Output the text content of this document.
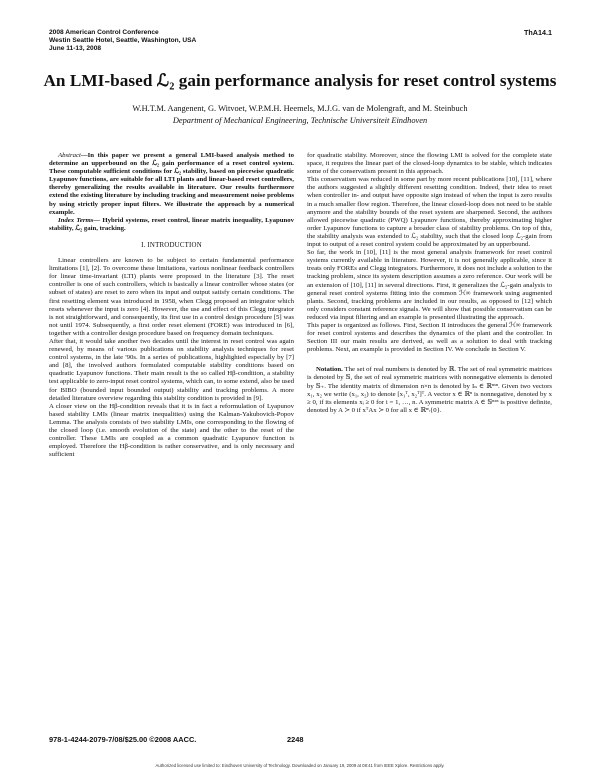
2008 American Control Conference
Westin Seattle Hotel, Seattle, Washington, USA
June 11-13, 2008
ThA14.1
An LMI-based ℒ₂ gain performance analysis for reset control systems
W.H.T.M. Aangenent, G. Witvoet, W.P.M.H. Heemels, M.J.G. van de Molengraft, and M. Steinbuch
Department of Mechanical Engineering, Technische Universiteit Eindhoven

Abstract—In this paper we present a general LMI-based analysis method to determine an upperbound on the ℒ₂ gain performance of a reset control system. These computable sufficient conditions for ℒ₂ stability, based on piecewise quadratic Lyapunov functions, are suitable for all LTI plants and linear-based reset controllers, thereby generalizing the results available in literature. Our results furthermore extend the existing literature by including tracking and measurement noise problems by using strictly proper input filters. We illustrate the approach by a numerical example.

Index Terms— Hybrid systems, reset control, linear matrix inequality, Lyapunov stability, ℒ₂ gain, tracking.

I. INTRODUCTION

Linear controllers are known to be subject to certain fundamental performance limitations [1], [2]. To overcome these limitations, various nonlinear feedback controllers for linear time-invariant (LTI) plants were proposed in the literature [3]. The reset controller is one of such controllers, which is basically a linear controller whose states (or subset of states) are reset to zero when its input and output satisfy certain conditions. The first resetting element was introduced in 1958, when Clegg proposed an integrator which resets whenever the input is zero [4]. However, the use and effect of this Clegg integrator is not straightforward, and consequently, its first use in a control design procedure [5] was not until 1974. Subsequently, a first order reset element (FORE) was introduced in [6], together with a controller design procedure based on frequency domain techniques.

After that, it would take another two decades until the interest in reset control was again renewed, by means of various publications on stability analysis techniques for reset control systems, in the late '90s. In a series of publications, highlighted especially by [7] and [8], the involved authors formulated computable stability conditions based on quadratic Lyapunov functions. Their main result is the so called Hβ-condition, a stability test applicable to zero-input reset control systems, which can, to some extend, also be used for BIBO (bounded input bounded output) stability and tracking problems. A more detailed literature overview regarding this stability condition is provided in [9].

A closer view on the Hβ-condition reveals that it is in fact a reformulation of Lyapunov based stability LMIs (linear matrix inequalities) using the Kalman-Yakubovich-Popov Lemma. The analysis consists of two stability LMIs, one corresponding to the flowing of the closed loop (i.e. smooth evolution of the state) and the other to the reset of the controller. These LMIs are coupled as a common quadratic Lyapunov function is employed. Therefore the Hβ-condition is rather conservative, and is only necessary and sufficient

for quadratic stability. Moreover, since the flowing LMI is solved for the complete state space, it requires the linear part of the closed-loop dynamics to be stable, which indicates some of the conservatism present in this approach.

This conservatism was reduced in some part by more recent publications [10], [11], where the authors suggested a slightly different resetting condition. Indeed, their idea to reset when controller in- and output have opposite sign instead of when the input is zero results in a much smaller flow region. Therefore, the linear closed-loop does not need to be stable anymore and the stability bounds of the reset system are sharpened. Second, the authors allowed piecewise quadratic (PWQ) Lyapunov functions, thereby approximating higher order Lyapunov functions to capture a broader class of stability problems. On top of this, the stability analysis was extended to ℒ₂ stability, such that the closed loop ℒ₂-gain from input to output of a reset control system could be approximated by an upperbound.

So far, the work in [10], [11] is the most general analysis framework for reset control systems currently available in literature. However, it is not generally applicable, since it treats only FOREs and Clegg integrators. Furthermore, it does not include a solution to the tracking problem, since its system description assumes a zero reference. Our work will be an extension of [10], [11] in several directions. First, it generalizes the ℒ₂-gain analysis to general reset control systems fitting into the common ℋ∞ framework using augmented plants. Second, tracking problems are included in our results, as opposed to [12] which only considers constant reference signals. We will show that possible conservatism can be reduced via input filtering and an example is presented illustrating the approach.

This paper is organized as follows. First, Section II introduces the general ℋ∞ framework for reset control systems and describes the dynamics of the plant and the controller. In Section III our main results are derived, as well as a solution to deal with tracking problems. Next, an example is provided in Section IV. We conclude in Section V.

Notation. The set of real numbers is denoted by ℝ. The set of real symmetric matrices is denoted by 𝕊, the set of real symmetric matrices with nonnegative elements is denoted by 𝕊₊. The identity matrix of dimension n×n is denoted by Iₙ ∈ ℝⁿˣⁿ. Given two vectors x₁, x₂ we write (x₁, x₂) to denote [x₁ᵀ, x₂ᵀ]ᵀ. A vector x ∈ ℝⁿ is nonnegative, denoted by x ≥ 0, if its elements xᵢ ≥ 0 for i = 1, …, n. A symmetric matrix A ∈ 𝕊ⁿˣⁿ is positive definite, denoted by A ≻ 0 if xᵀAx ≻ 0 for all x ∈ ℝⁿ\{0}.

978-1-4244-2079-7/08/$25.00 ©2008 AACC.	2248
Authorized licensed use limited to: Eindhoven University of Technology. Downloaded on January 19, 2009 at 08:41 from IEEE Xplore. Restrictions apply.
